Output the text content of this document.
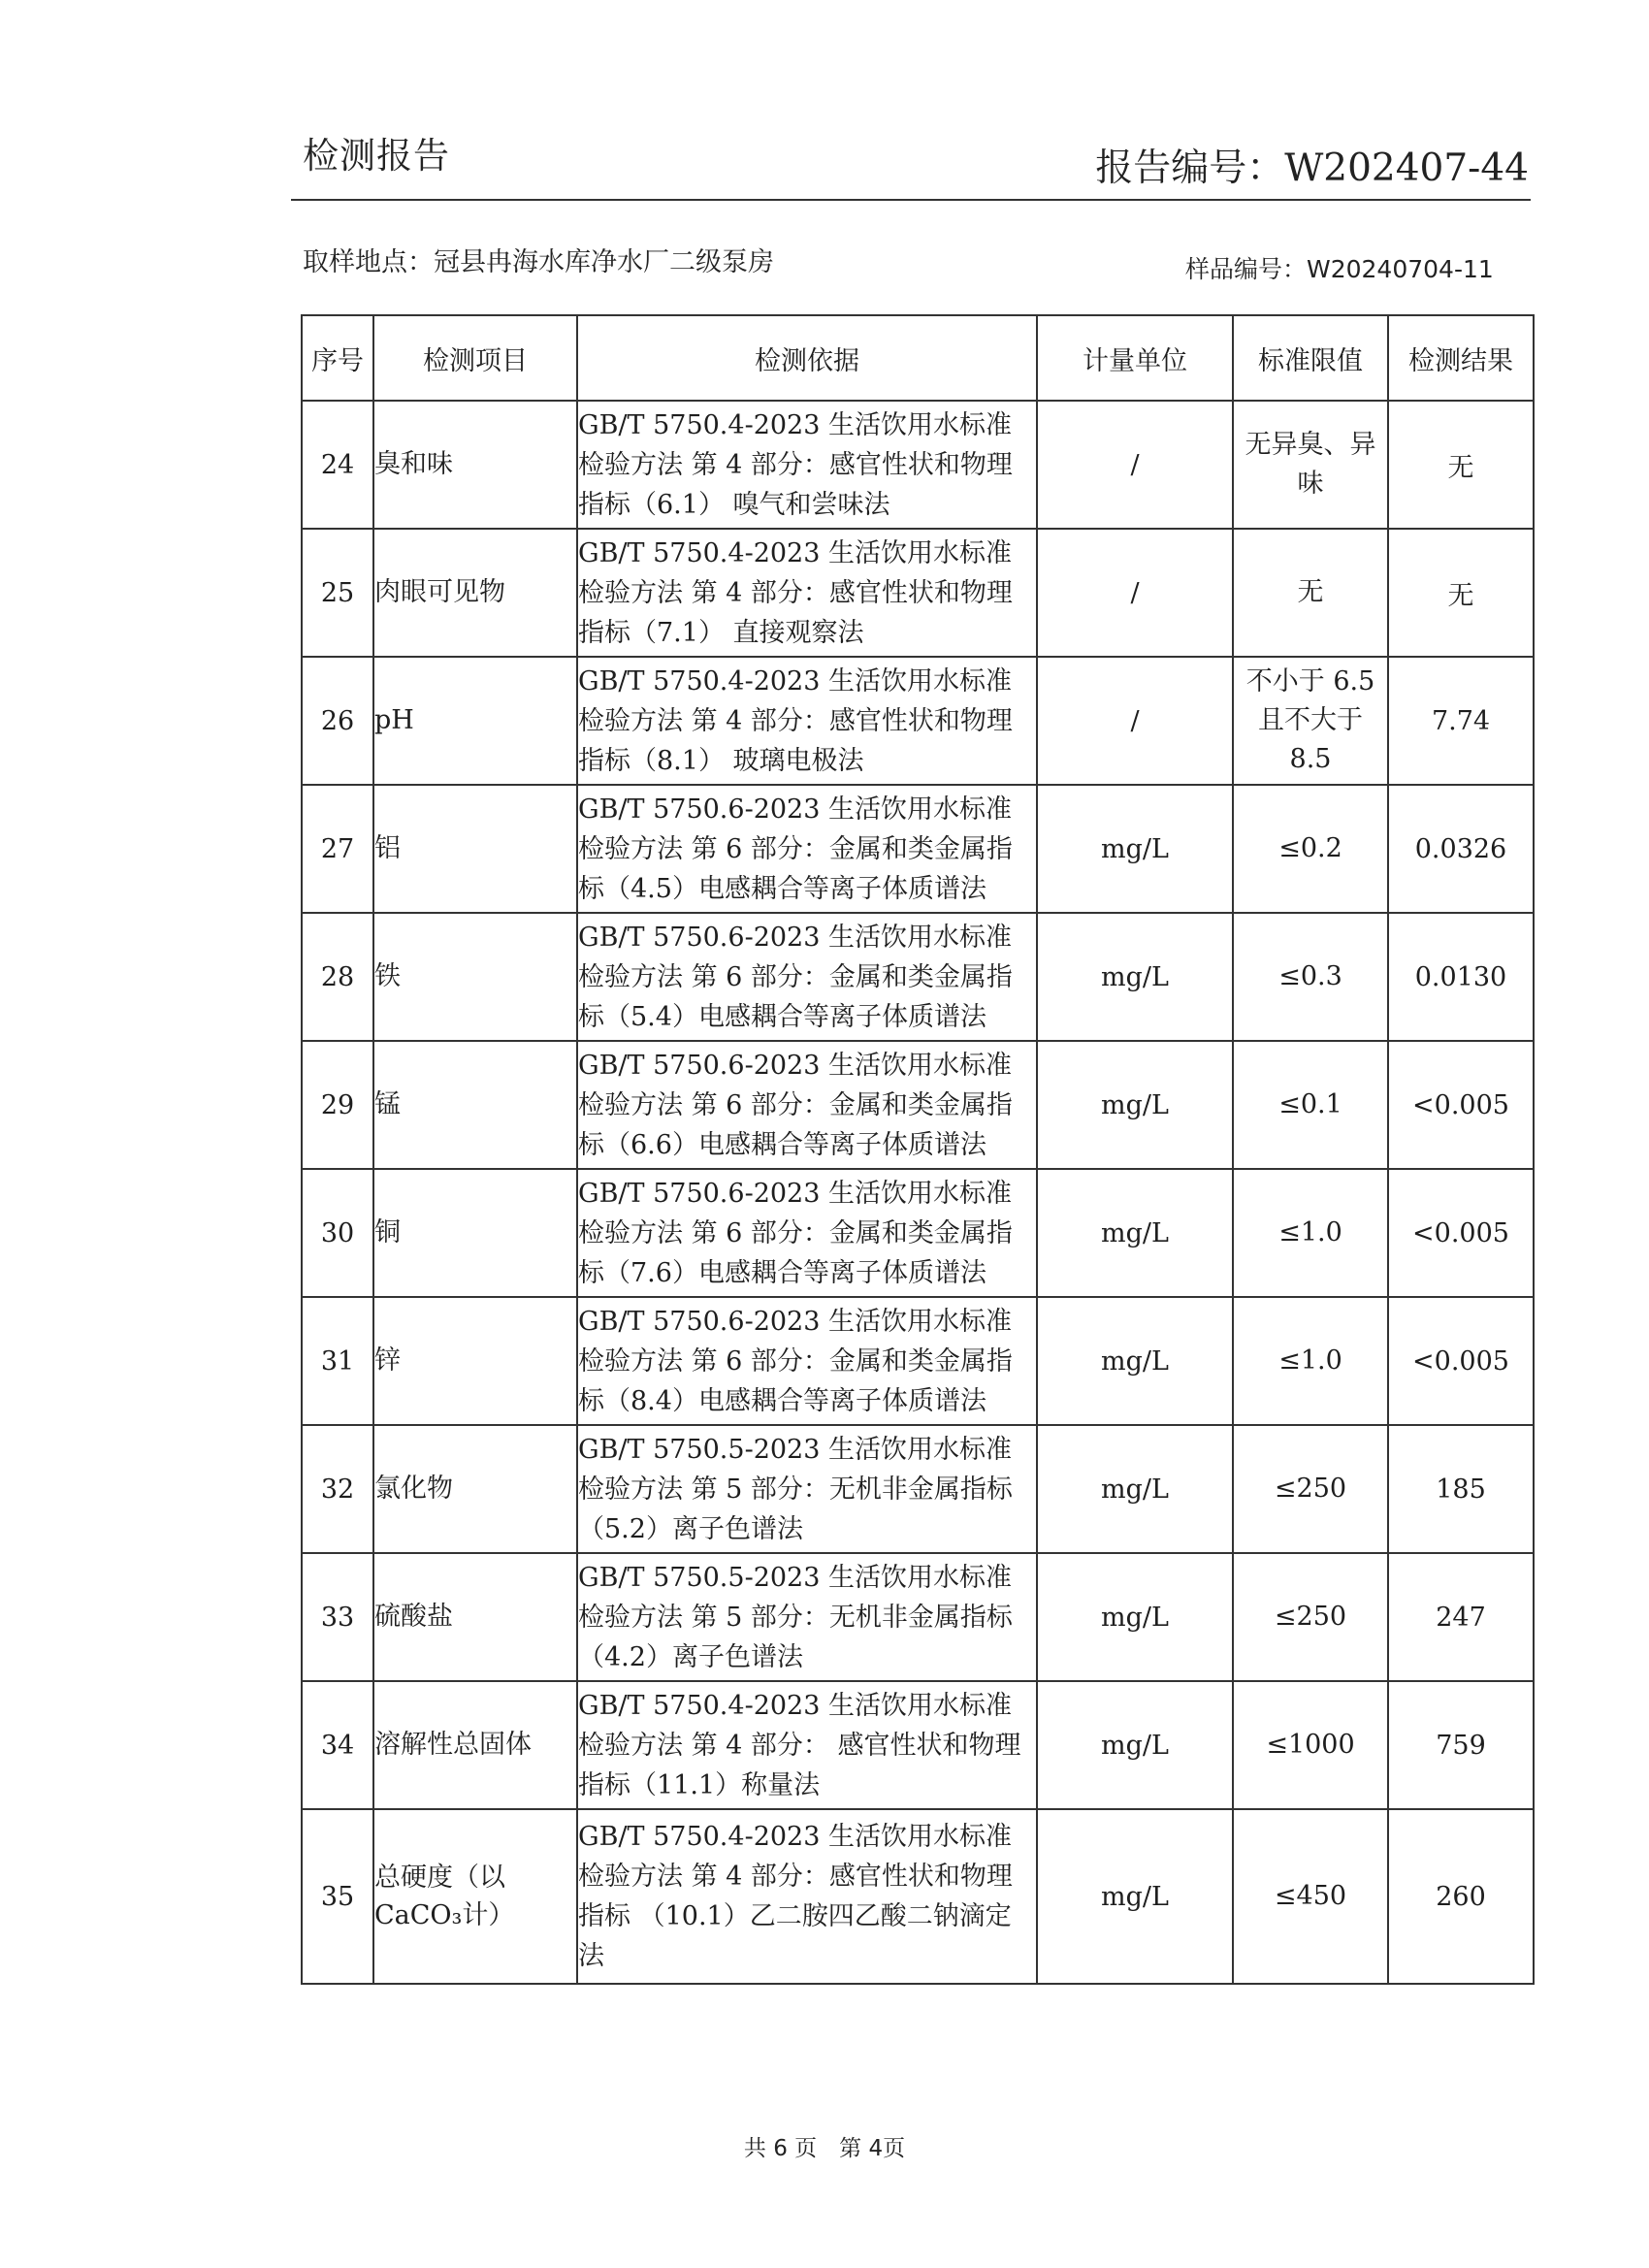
检测报告	报告编号：W202407-44
取样地点：冠县冉海水库净水厂二级泵房	样品编号：W20240704-11
序号	检测项目	检测依据	计量单位	标准限值	检测结果
24	臭和味	GB/T 5750.4-2023 生活饮用水标准检验方法 第 4 部分：感官性状和物理指标（6.1） 嗅气和尝味法	/	无异臭、异味	无
25	肉眼可见物	GB/T 5750.4-2023 生活饮用水标准检验方法 第 4 部分：感官性状和物理指标（7.1） 直接观察法	/	无	无
26	pH	GB/T 5750.4-2023 生活饮用水标准检验方法 第 4 部分：感官性状和物理指标（8.1） 玻璃电极法	/	不小于 6.5 且不大于 8.5	7.74
27	铝	GB/T 5750.6-2023 生活饮用水标准检验方法 第 6 部分：金属和类金属指标（4.5）电感耦合等离子体质谱法	mg/L	≤0.2	0.0326
28	铁	GB/T 5750.6-2023 生活饮用水标准检验方法 第 6 部分：金属和类金属指标（5.4）电感耦合等离子体质谱法	mg/L	≤0.3	0.0130
29	锰	GB/T 5750.6-2023 生活饮用水标准检验方法 第 6 部分：金属和类金属指标（6.6）电感耦合等离子体质谱法	mg/L	≤0.1	<0.005
30	铜	GB/T 5750.6-2023 生活饮用水标准检验方法 第 6 部分：金属和类金属指标（7.6）电感耦合等离子体质谱法	mg/L	≤1.0	<0.005
31	锌	GB/T 5750.6-2023 生活饮用水标准检验方法 第 6 部分：金属和类金属指标（8.4）电感耦合等离子体质谱法	mg/L	≤1.0	<0.005
32	氯化物	GB/T 5750.5-2023 生活饮用水标准检验方法 第 5 部分：无机非金属指标（5.2）离子色谱法	mg/L	≤250	185
33	硫酸盐	GB/T 5750.5-2023 生活饮用水标准检验方法 第 5 部分：无机非金属指标（4.2）离子色谱法	mg/L	≤250	247
34	溶解性总固体	GB/T 5750.4-2023 生活饮用水标准检验方法 第 4 部分： 感官性状和物理指标（11.1）称量法	mg/L	≤1000	759
35	总硬度（以CaCO₃计）	GB/T 5750.4-2023 生活饮用水标准检验方法 第 4 部分：感官性状和物理指标 （10.1）乙二胺四乙酸二钠滴定法	mg/L	≤450	260
共 6 页　第 4页
